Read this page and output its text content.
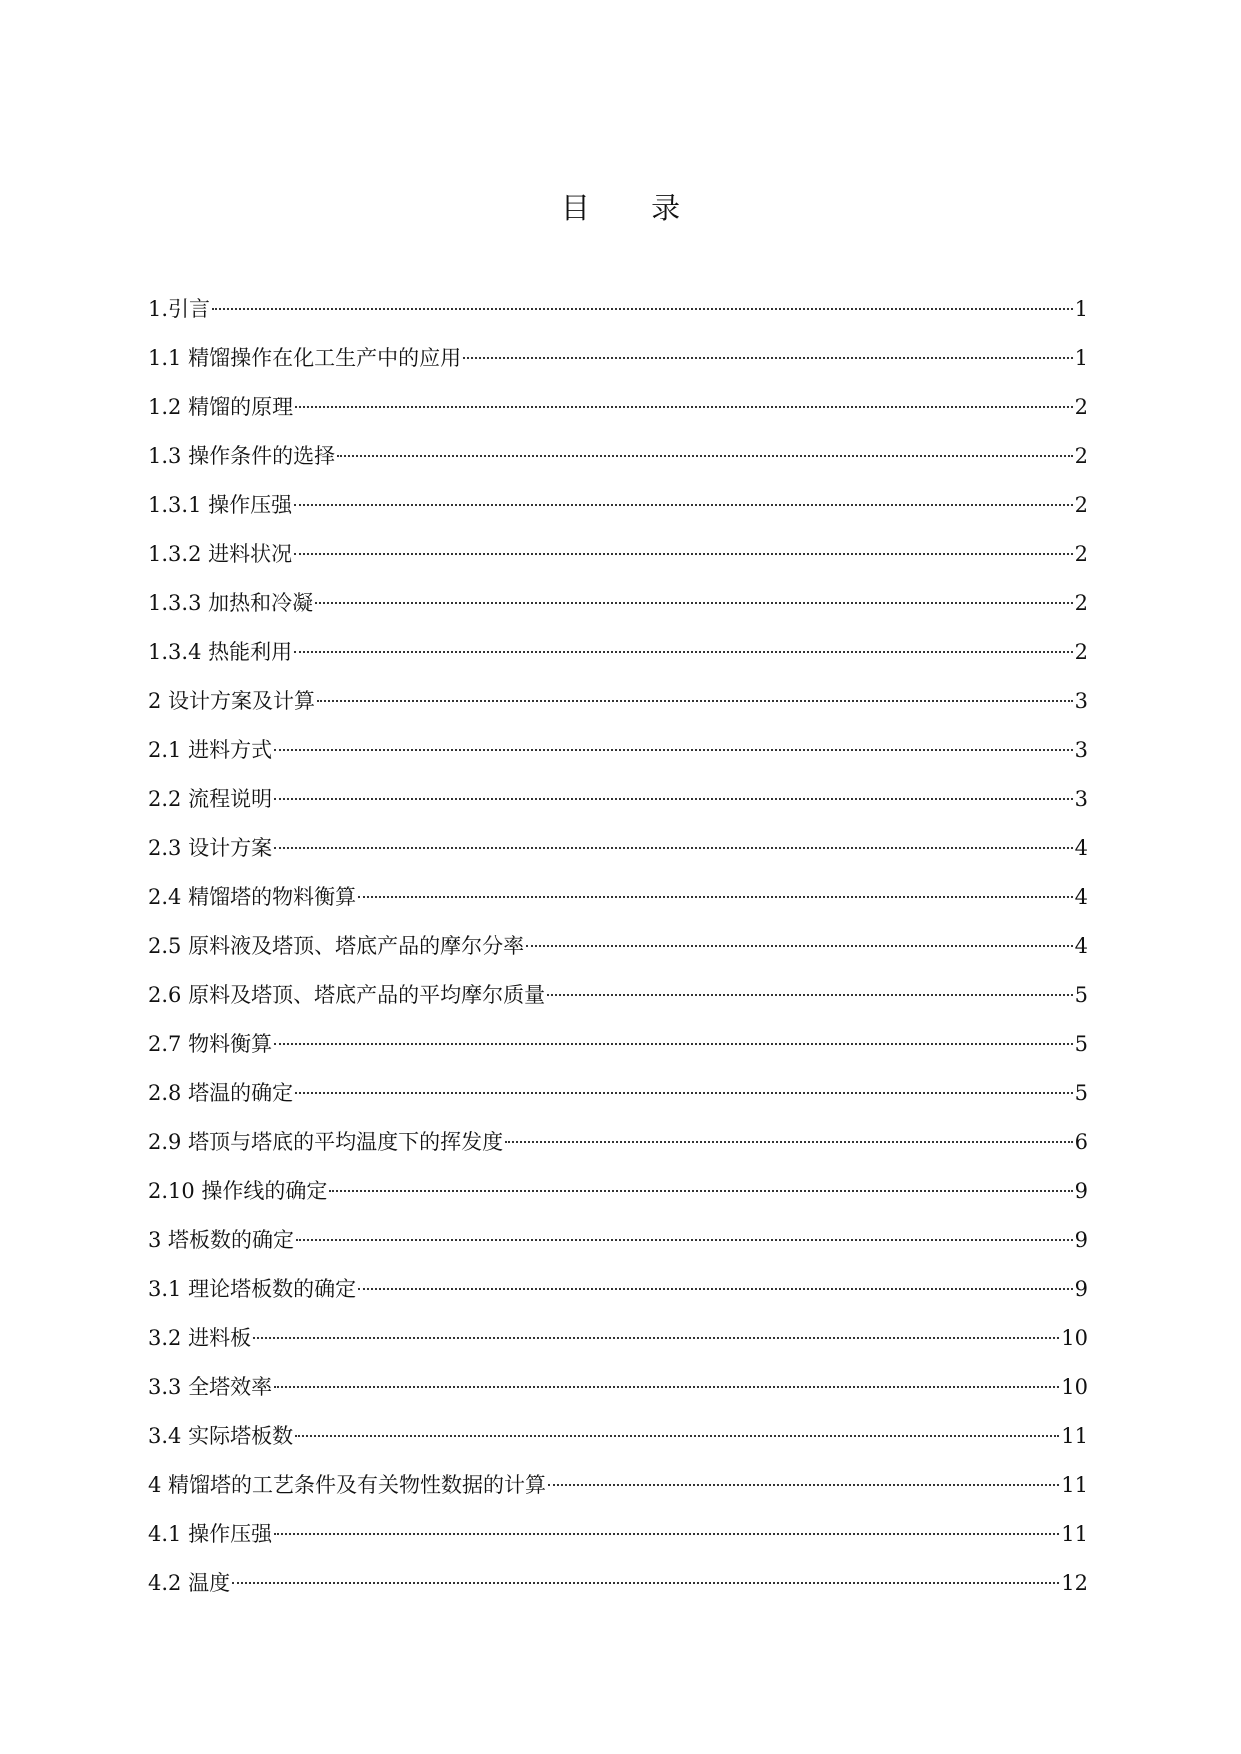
目 录
1.引言	1
1.1 精馏操作在化工生产中的应用	1
1.2 精馏的原理	2
1.3 操作条件的选择	2
1.3.1 操作压强	2
1.3.2 进料状况	2
1.3.3 加热和冷凝	2
1.3.4 热能利用	2
2 设计方案及计算	3
2.1 进料方式	3
2.2 流程说明	3
2.3 设计方案	4
2.4 精馏塔的物料衡算	4
2.5 原料液及塔顶、塔底产品的摩尔分率	4
2.6 原料及塔顶、塔底产品的平均摩尔质量	5
2.7 物料衡算	5
2.8 塔温的确定	5
2.9 塔顶与塔底的平均温度下的挥发度	6
2.10 操作线的确定	9
3 塔板数的确定	9
3.1 理论塔板数的确定	9
3.2 进料板	10
3.3 全塔效率	10
3.4 实际塔板数	11
4 精馏塔的工艺条件及有关物性数据的计算	11
4.1 操作压强	11
4.2 温度	12
